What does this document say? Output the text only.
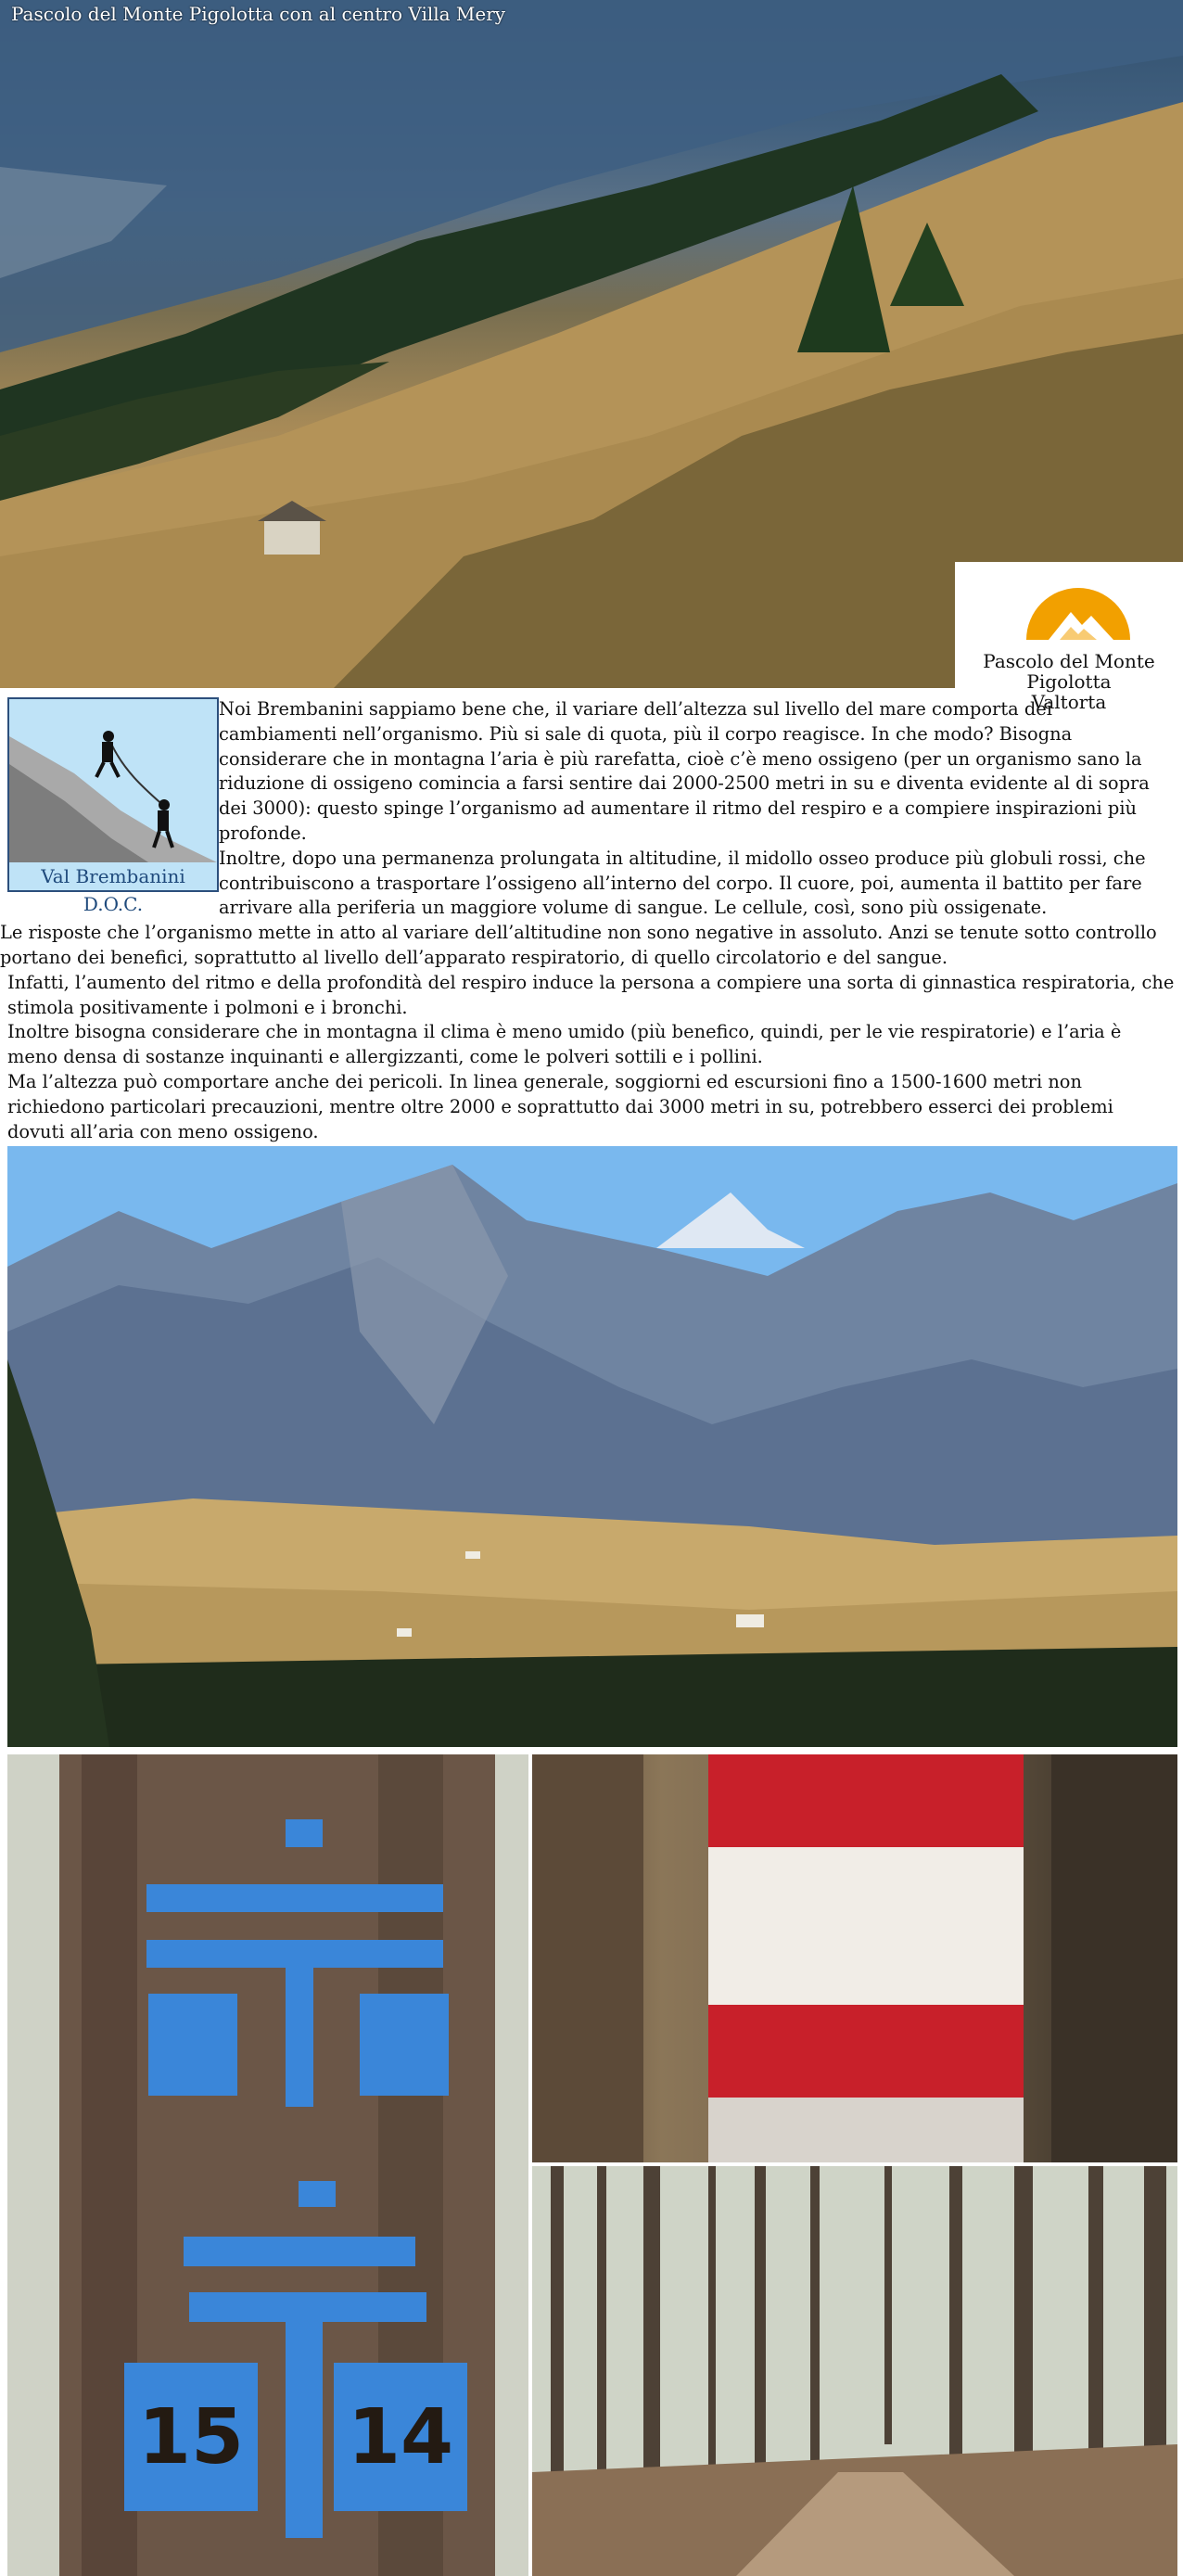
Pascolo del Monte Pigolotta con al centro Villa Mery
Pascolo del Monte Pigolotta
Valtorta
Val Brembanini D.O.C.

Noi Brembanini sappiamo bene che, il variare dell’altezza sul livello del mare comporta dei cambiamenti nell’organismo. Più si sale di quota, più il corpo reagisce. In che modo? Bisogna considerare che in montagna l’aria è più rarefatta, cioè c’è meno ossigeno (per un organismo sano la riduzione di ossigeno comincia a farsi sentire dai 2000-2500 metri in su e diventa evidente al di sopra dei 3000): questo spinge l’organismo ad aumentare il ritmo del respiro e a compiere inspirazioni più profonde.

Inoltre, dopo una permanenza prolungata in altitudine, il midollo osseo produce più globuli rossi, che contribuiscono a trasportare l’ossigeno all’interno del corpo. Il cuore, poi, aumenta il battito per fare arrivare alla periferia un maggiore volume di sangue. Le cellule, così, sono più ossigenate.

Le risposte che l’organismo mette in atto al variare dell’altitudine non sono negative in assoluto. Anzi se tenute sotto controllo portano dei benefici, soprattutto al livello dell’apparato respiratorio, di quello circolatorio e del sangue.

Infatti, l’aumento del ritmo e della profondità del respiro induce la persona a compiere una sorta di ginnastica respiratoria, che stimola positivamente i polmoni e i bronchi.

Inoltre bisogna considerare che in montagna il clima è meno umido (più benefico, quindi, per le vie respiratorie) e l’aria è meno densa di sostanze inquinanti e allergizzanti, come le polveri sottili e i pollini.

Ma l’altezza può comportare anche dei pericoli. In linea generale, soggiorni ed escursioni fino a 1500-1600 metri non richiedono particolari precauzioni, mentre oltre 2000 e soprattutto dai 3000 metri in su, potrebbero esserci dei problemi dovuti all’aria con meno ossigeno.

15 14
